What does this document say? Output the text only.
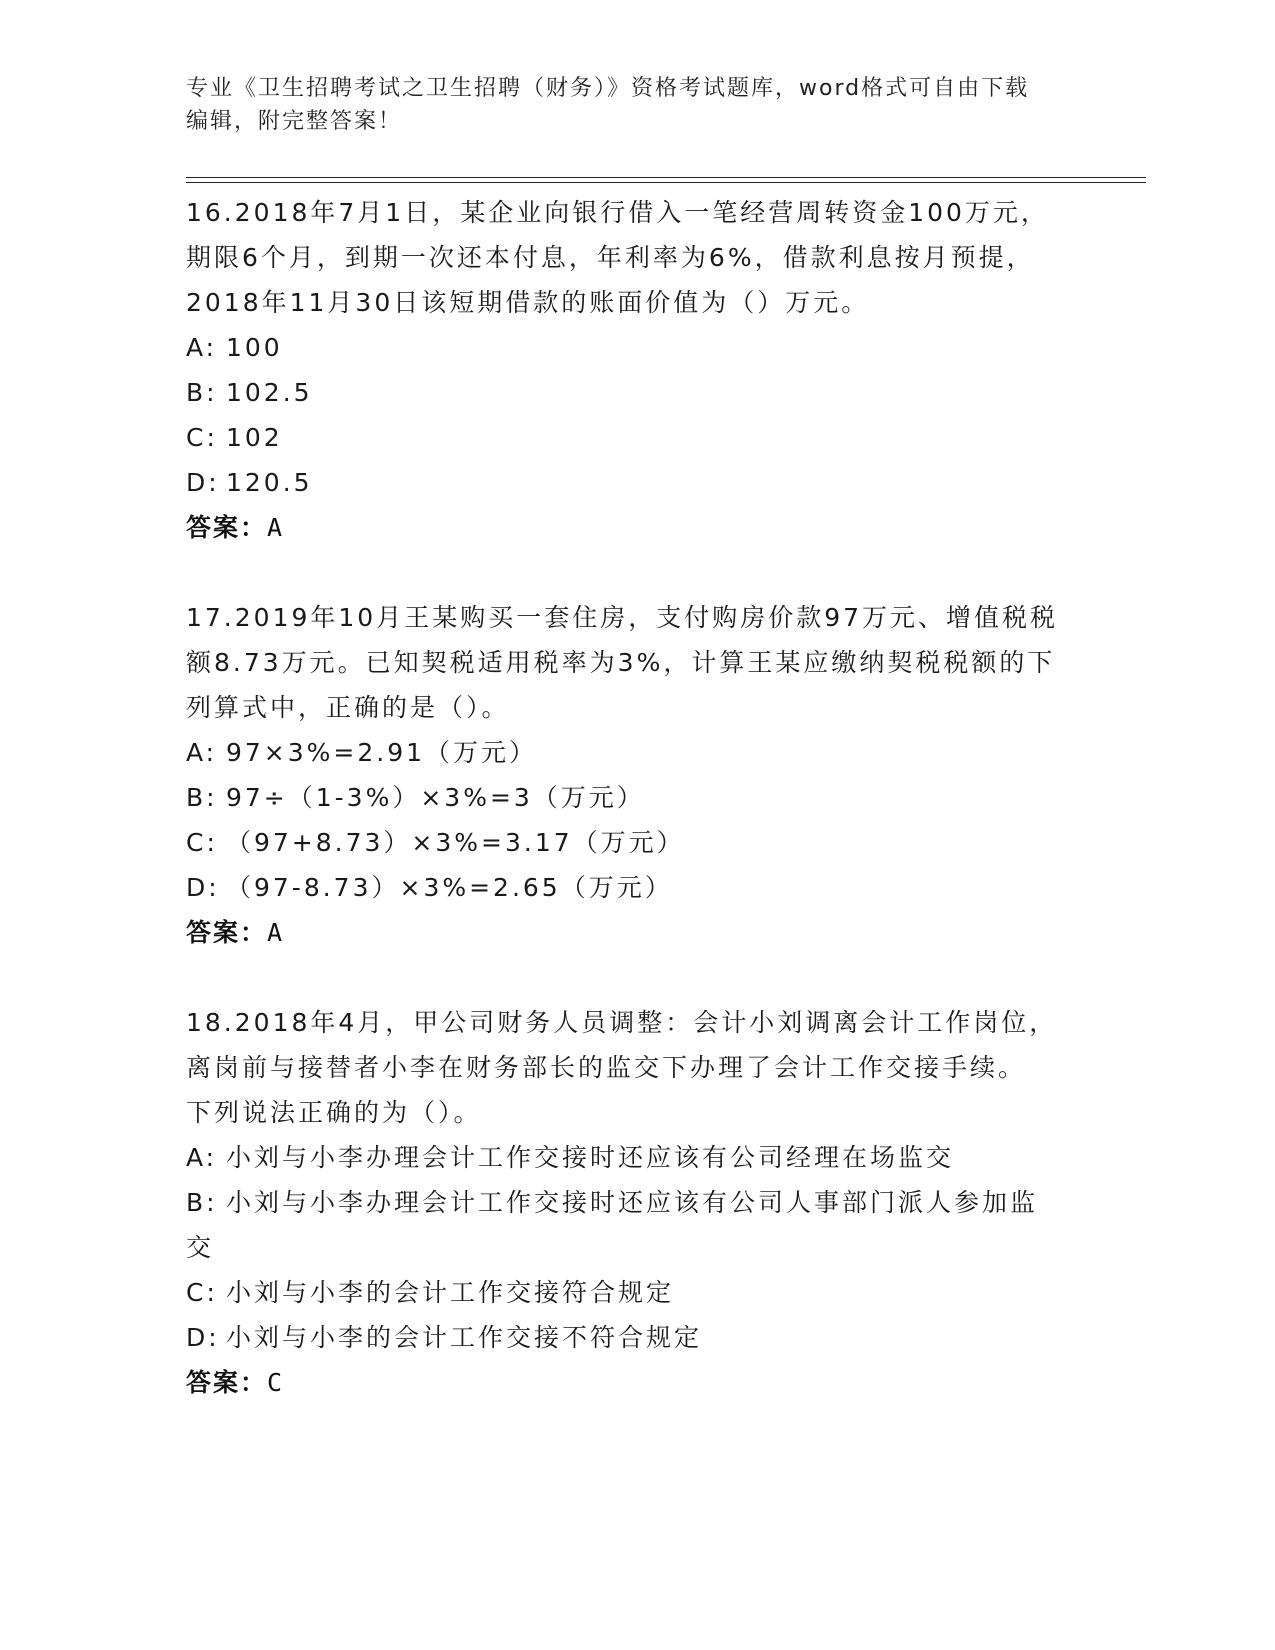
专业《卫生招聘考试之卫生招聘（财务）》资格考试题库，word格式可自由下载
编辑，附完整答案！
16.2018年7月1日，某企业向银行借入一笔经营周转资金100万元，
期限6个月，到期一次还本付息，年利率为6%，借款利息按月预提，
2018年11月30日该短期借款的账面价值为（）万元。
A: 100
B: 102.5
C: 102
D: 120.5
答案：A
17.2019年10月王某购买一套住房，支付购房价款97万元、增值税税
额8.73万元。已知契税适用税率为3%，计算王某应缴纳契税税额的下
列算式中，正确的是（）。
A: 97×3%=2.91（万元）
B: 97÷（1-3%）×3%=3（万元）
C: （97+8.73）×3%=3.17（万元）
D: （97-8.73）×3%=2.65（万元）
答案：A
18.2018年4月，甲公司财务人员调整：会计小刘调离会计工作岗位，
离岗前与接替者小李在财务部长的监交下办理了会计工作交接手续。
下列说法正确的为（）。
A: 小刘与小李办理会计工作交接时还应该有公司经理在场监交
B: 小刘与小李办理会计工作交接时还应该有公司人事部门派人参加监
交
C: 小刘与小李的会计工作交接符合规定
D: 小刘与小李的会计工作交接不符合规定
答案：C
